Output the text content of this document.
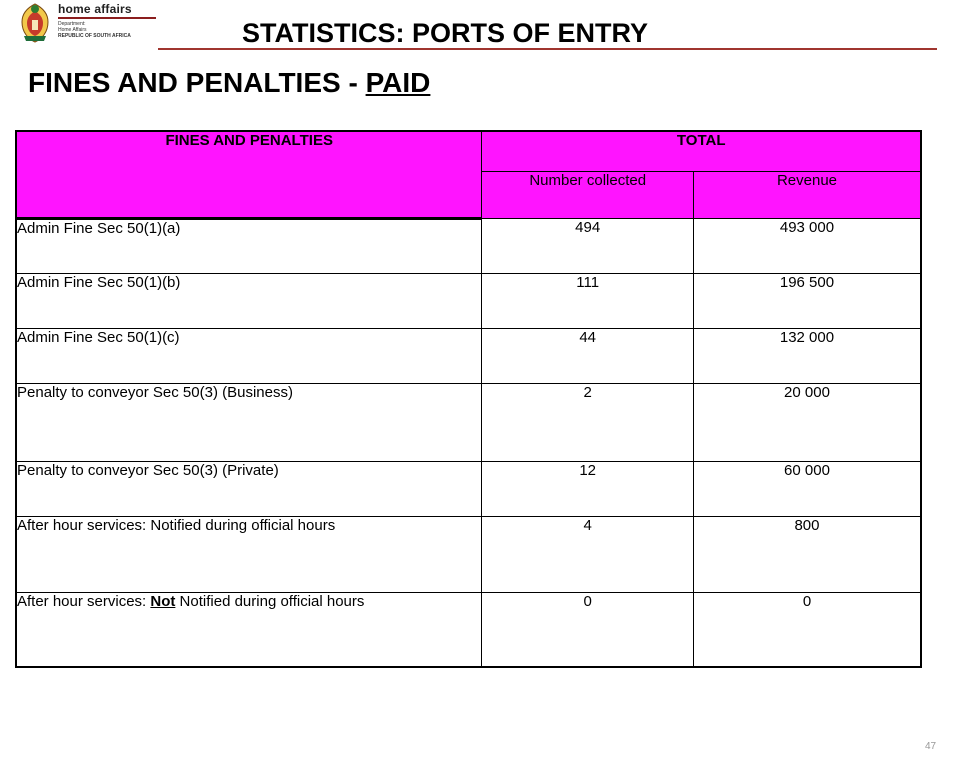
home affairs
Department:
Home Affairs
REPUBLIC OF SOUTH AFRICA	STATISTICS: PORTS OF ENTRY
FINES AND PENALTIES - PAID
FINES AND PENALTIES	TOTAL	
	Number collected	Revenue
Admin Fine Sec 50(1)(a)	494	493 000
Admin Fine Sec 50(1)(b)	111	196 500
Admin Fine Sec 50(1)(c)	44	132 000
Penalty to conveyor Sec 50(3) (Business)	2	20 000
Penalty to conveyor Sec 50(3) (Private)	12	60 000
After hour services: Notified during official hours	4	800
After hour services: Not Notified during official hours	0	0
47
